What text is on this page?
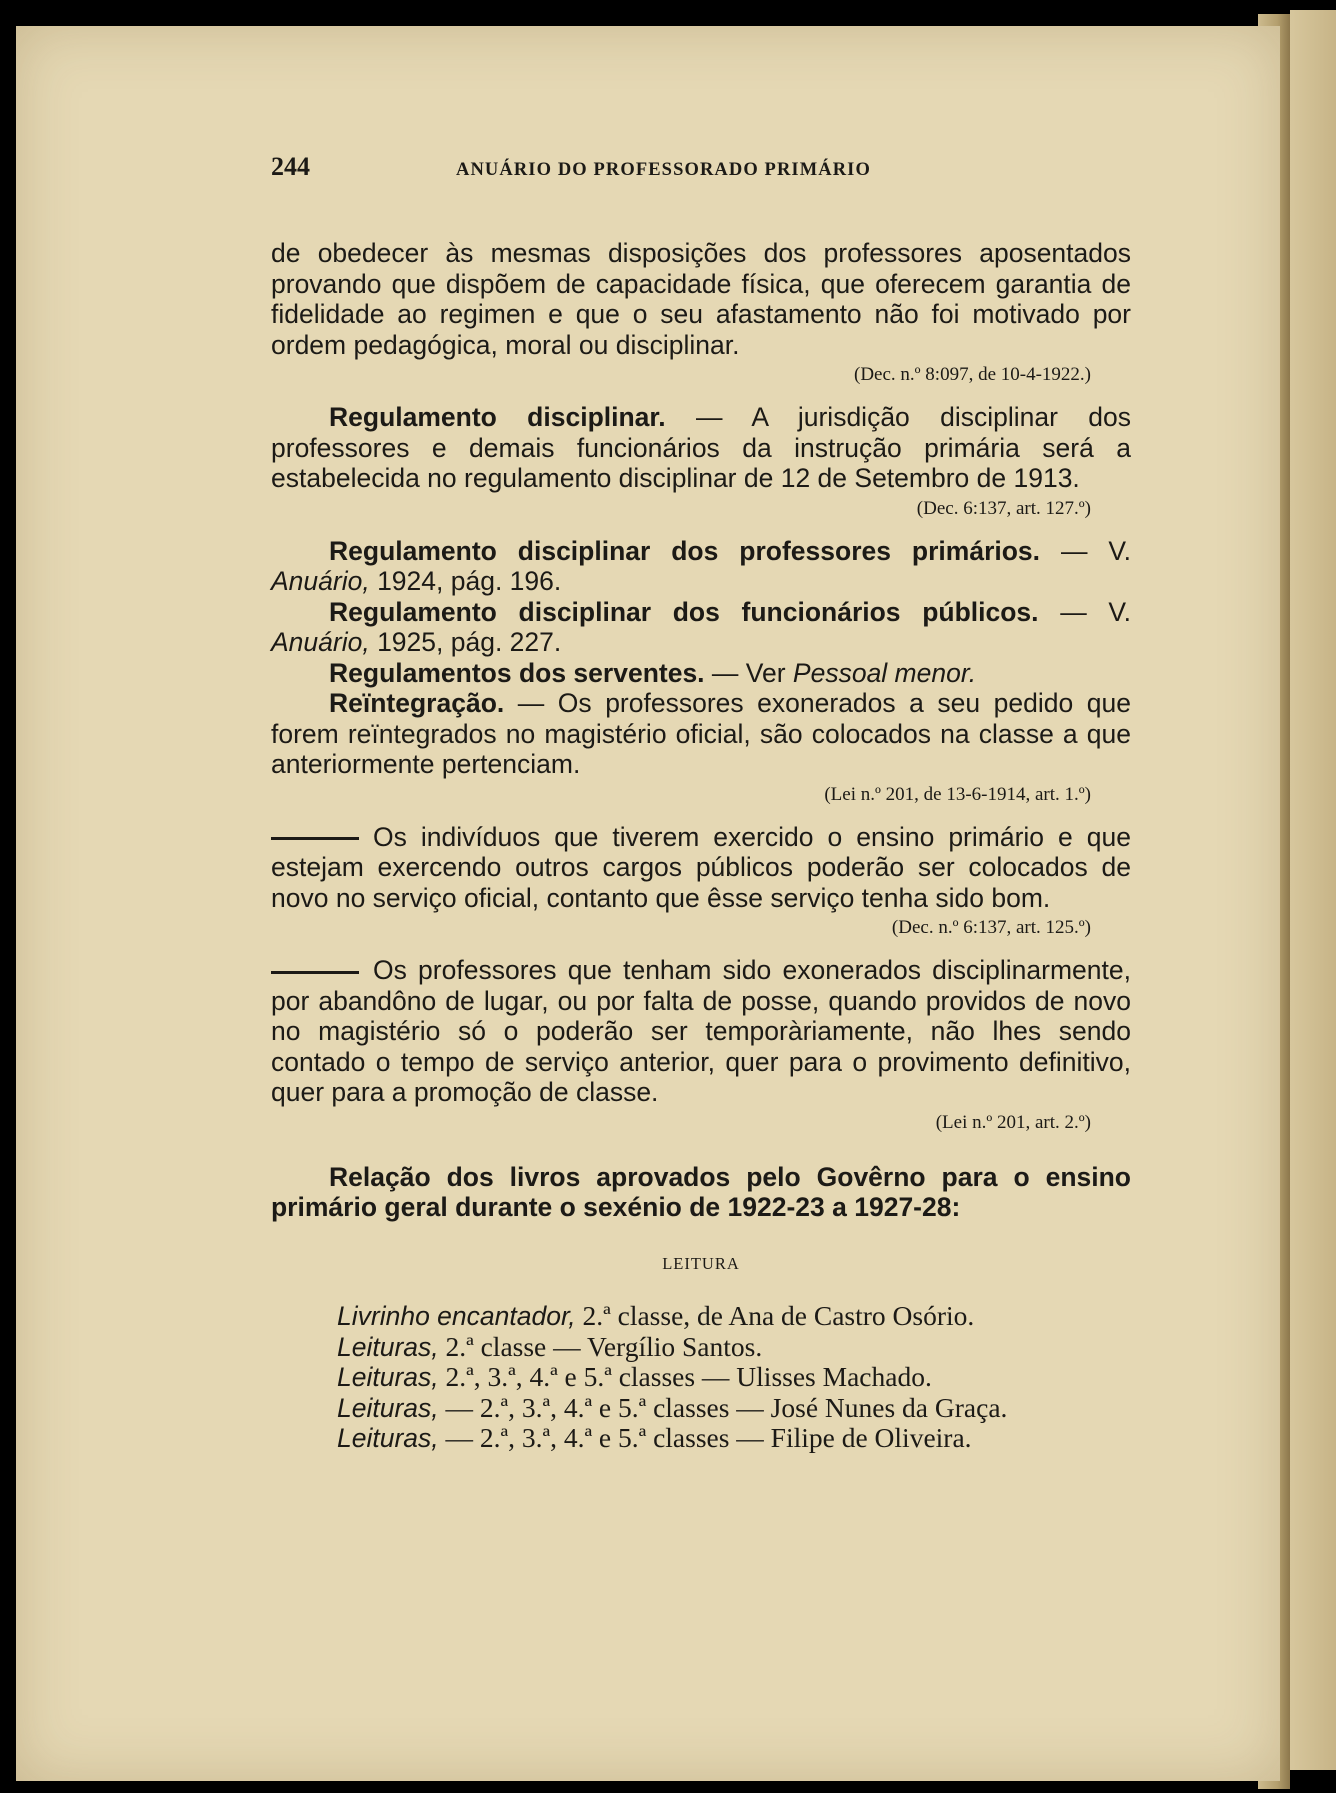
244	ANUÁRIO DO PROFESSORADO PRIMÁRIO

de obedecer às mesmas disposições dos professores aposentados provando que dispõem de capacidade física, que oferecem garantia de fidelidade ao regimen e que o seu afastamento não foi motivado por ordem pedagógica, moral ou disciplinar.

(Dec. n.º 8:097, de 10-4-1922.)

Regulamento disciplinar. — A jurisdição disciplinar dos professores e demais funcionários da instrução primária será a estabelecida no regulamento disciplinar de 12 de Setembro de 1913.

(Dec. 6:137, art. 127.º)

Regulamento disciplinar dos professores primários. — V. Anuário, 1924, pág. 196.

Regulamento disciplinar dos funcionários públicos. — V. Anuário, 1925, pág. 227.

Regulamentos dos serventes. — Ver Pessoal menor.

Reïntegração. — Os professores exonerados a seu pedido que forem reïntegrados no magistério oficial, são colocados na classe a que anteriormente pertenciam.

(Lei n.º 201, de 13-6-1914, art. 1.º)

Os indivíduos que tiverem exercido o ensino primário e que estejam exercendo outros cargos públicos poderão ser colocados de novo no serviço oficial, contanto que êsse serviço tenha sido bom.

(Dec. n.º 6:137, art. 125.º)

Os professores que tenham sido exonerados disciplinarmente, por abandôno de lugar, ou por falta de posse, quando providos de novo no magistério só o poderão ser temporàriamente, não lhes sendo contado o tempo de serviço anterior, quer para o provimento definitivo, quer para a promoção de classe.

(Lei n.º 201, art. 2.º)

Relação dos livros aprovados pelo Govêrno para o ensino primário geral durante o sexénio de 1922-23 a 1927-28:

LEITURA

Livrinho encantador, 2.ª classe, de Ana de Castro Osório.
Leituras, 2.ª classe — Vergílio Santos.
Leituras, 2.ª, 3.ª, 4.ª e 5.ª classes — Ulisses Machado.
Leituras, — 2.ª, 3.ª, 4.ª e 5.ª classes — José Nunes da Graça.
Leituras, — 2.ª, 3.ª, 4.ª e 5.ª classes — Filipe de Oliveira.
